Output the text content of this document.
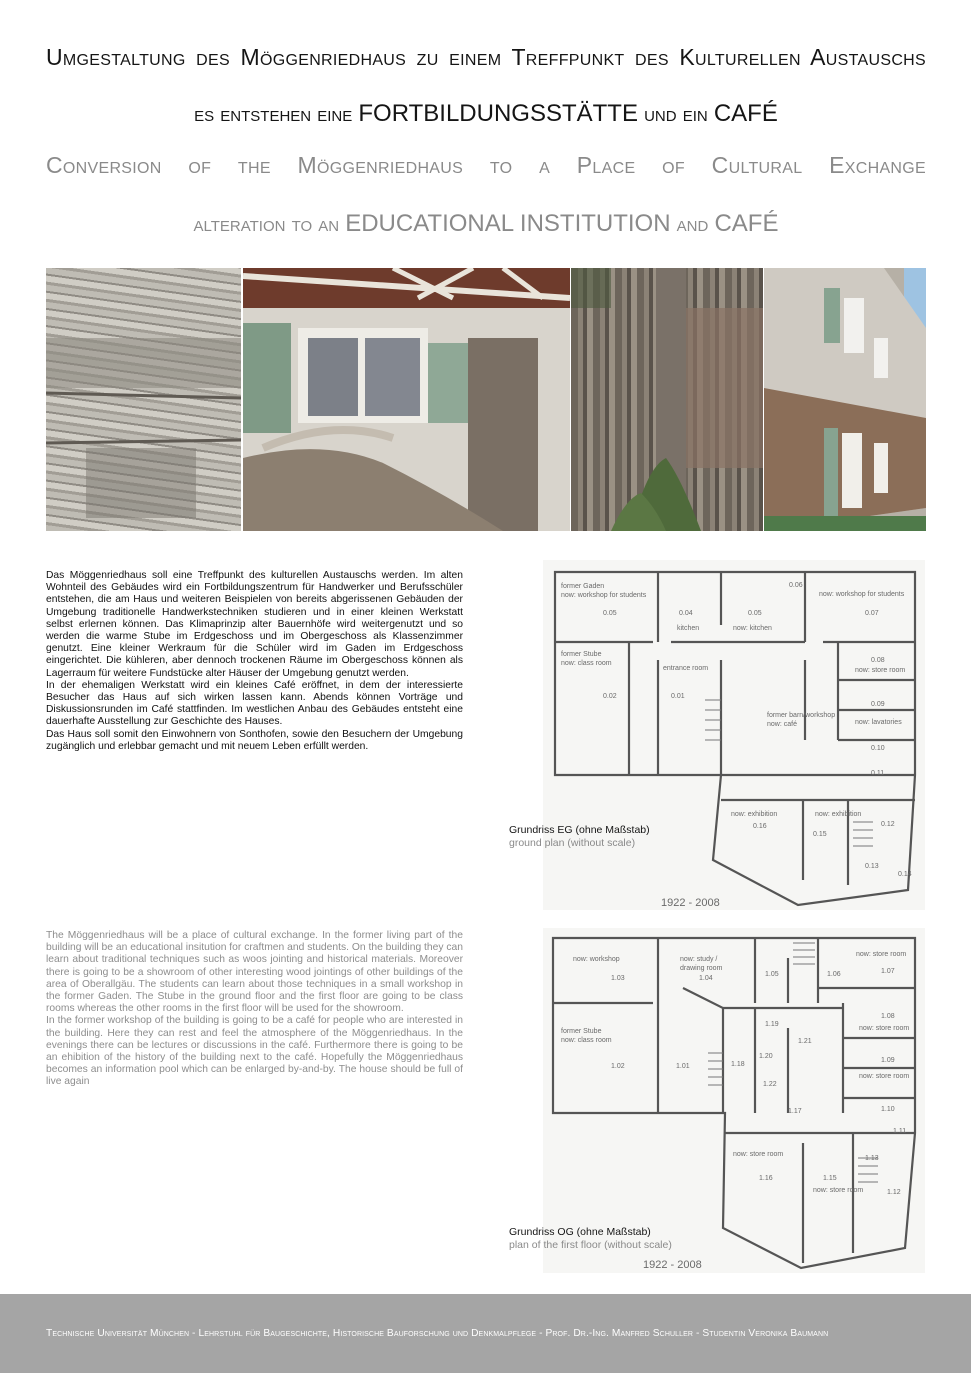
Umgestaltung des Möggenriedhaus zu einem Treffpunkt des Kulturellen Austauschs
es entstehen eine FORTBILDUNGSSTÄTTE und ein CAFÉ
Conversion of the Möggenriedhaus to a Place of Cultural Exchange
alteration to an EDUCATIONAL INSTITUTION and CAFÉ

Das Möggenriedhaus soll eine Treffpunkt des kulturellen Austauschs werden. Im alten Wohnteil des Gebäudes wird ein Fortbildungszentrum für Handwerker und Berufsschüler entstehen, die am Haus und weiteren Beispielen von bereits abgerissenen Gebäuden der Umgebung traditionelle Handwerkstechniken studieren und in einer kleinen Werkstatt selbst erlernen können. Das Klimaprinzip alter Bauernhöfe wird weitergenutzt und so werden die warme Stube im Erdgeschoss und im Obergeschoss als Klassenzimmer genutzt. Eine kleiner Werkraum für die Schüler wird im Gaden im Erdgeschoss eingerichtet. Die kühleren, aber dennoch trockenen Räume im Obergeschoss können als Lagerraum für weitere Fundstücke alter Häuser der Umgebung genutzt werden.

In der ehemaligen Werkstatt wird ein kleines Café eröffnet, in dem der interessierte Besucher das Haus auf sich wirken lassen kann. Abends können Vorträge und Diskussionsrunden im Café stattfinden. Im westlichen Anbau des Gebäudes entsteht eine dauerhafte Ausstellung zur Geschichte des Hauses.

Das Haus soll somit den Einwohnern von Sonthofen, sowie den Besuchern der Umgebung zugänglich und erlebbar gemacht und mit neuem Leben erfüllt werden.

The Möggenriedhaus will be a place of cultural exchange. In the former living part of the building will be an educational insitution for craftmen and students. On the building they can learn about traditional techniques such as woos jointing and historical materials. Moreover there is going to be a showroom of other interesting wood jointings of other buildings of the area of Oberallgäu. The students can learn about those techniques in a small workshop in the former Gaden. The Stube in the ground floor and the first floor are going to be class rooms whereas the other rooms in the first floor will be used for the showroom.

In the former workshop of the building is going to be a café for people who are interested in the building. Here they can rest and feel the atmosphere of the Möggenriedhaus. In the evenings there can be lectures or discussions in the café. Furthermore there is going to be an ehibition of the history of the building next to the café. Hopefully the Möggenriedhaus becomes an information pool which can be enlarged by-and-by. The house should be full of live again

former Gaden
now: workshop for students
0.05	0.04
kitchen
0.05
now: kitchen
0.06
now: workshop for students
0.07
former Stube
now: class room
entrance room
0.08
now: store room
0.02	0.01
former barn/workshop
now: café
0.09
now: lavatories
0.10
0.11
now: exhibition	now: exhibition
0.16
0.15
0.12
0.13
0.14
1922 - 2008
Grundriss EG (ohne Maßstab)
ground plan (without scale)
now: workshop	now: study /
drawing room
now: store room
1.03	1.04
1.05	1.06	1.07
former Stube
now: class room
1.08
now: store room
1.09
now: store room
1.02	1.01	1.18
1.19
1.20
1.21
1.22
1.17	1.10
1.11
now: store room
1.16	1.15
now: store room
1.13
1.12
1922 - 2008
Grundriss OG (ohne Maßstab)
plan of the first floor (without scale)
Technische Universität München - Lehrstuhl für Baugeschichte, Historische Bauforschung und Denkmalpflege - Prof. Dr.-Ing. Manfred Schuller - Studentin Veronika Baumann
